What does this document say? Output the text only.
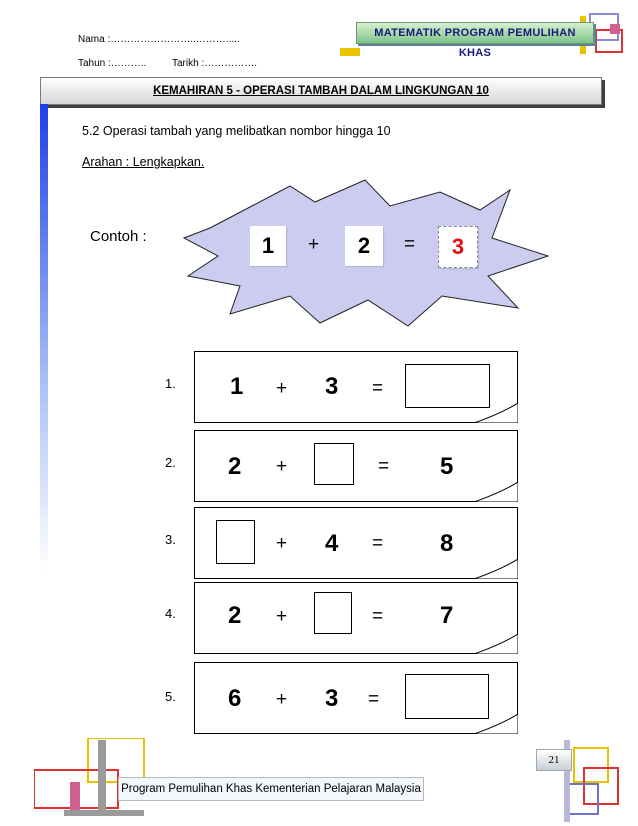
MATEMATIK PROGRAM PEMULIHAN KHAS
Nama :……………………..……….....
Tahun :………..	Tarikh :…………….
KEMAHIRAN 5 - OPERASI TAMBAH DALAM LINGKUNGAN 10
5.2 Operasi tambah yang melibatkan nombor hingga 10
Arahan : Lengkapkan.
Contoh :	1	+	2	=	3
1. 1 + 3 =
2. 2 +	= 5
3.	+ 4 = 8
4. 2 +	= 7
5. 6 + 3 =
21
Program Pemulihan Khas Kementerian Pelajaran Malaysia
